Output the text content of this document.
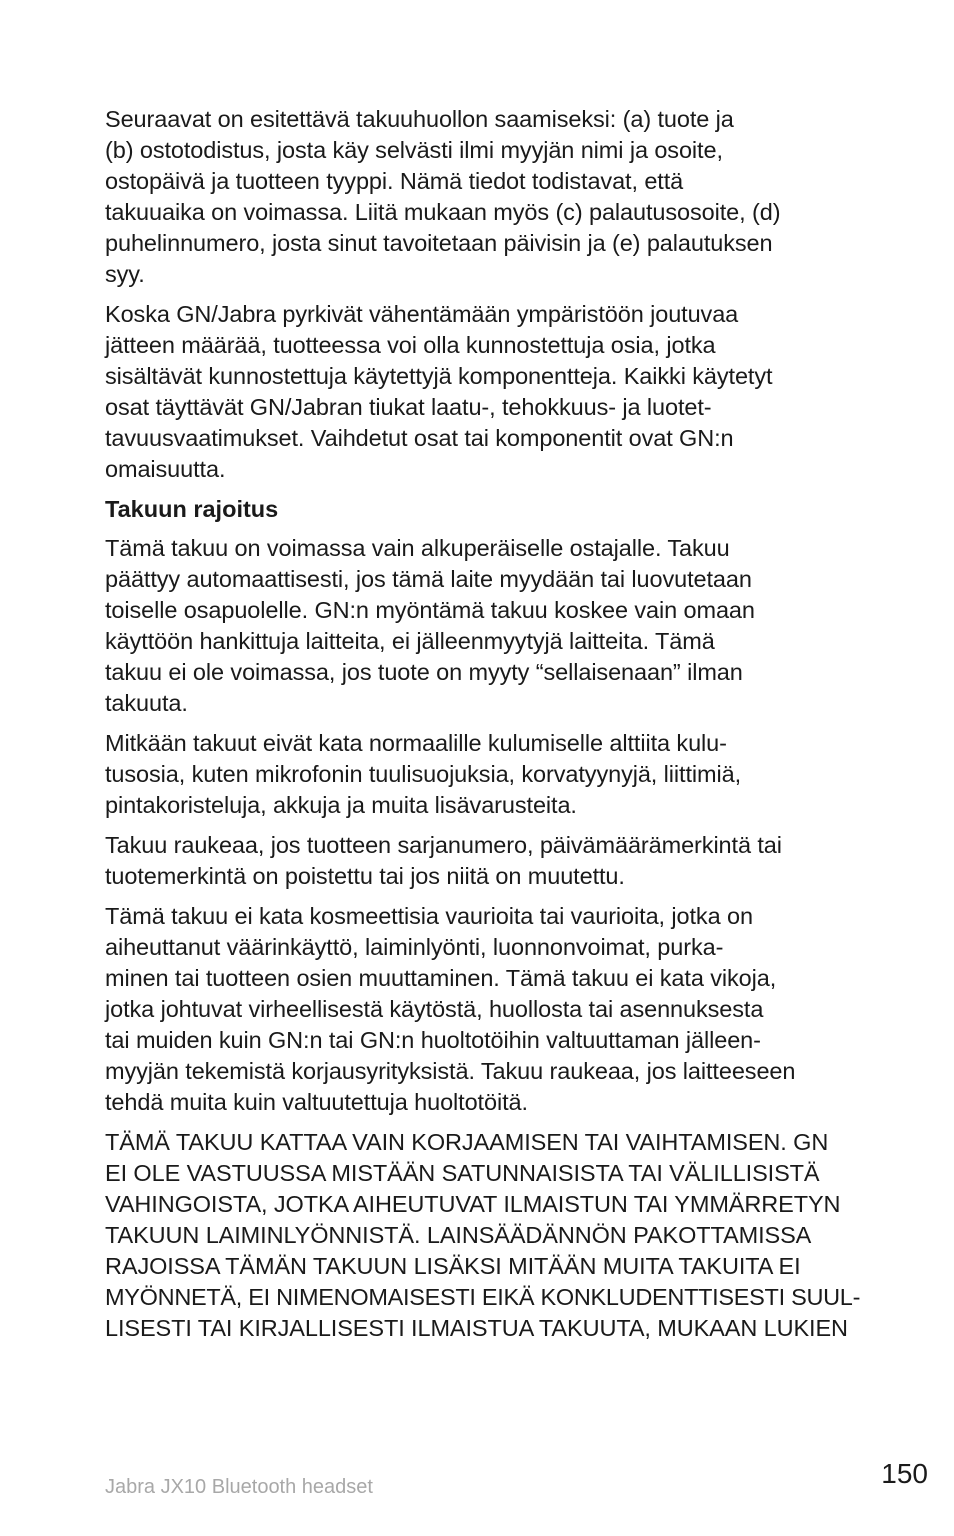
Seuraavat on esitettävä takuuhuollon saamiseksi: (a) tuote ja
(b) ostotodistus, josta käy selvästi ilmi myyjän nimi ja osoite,
ostopäivä ja tuotteen tyyppi. Nämä tiedot todistavat, että
takuuaika on voimassa. Liitä mukaan myös (c) palautusosoite, (d)
puhelinnumero, josta sinut tavoitetaan päivisin ja (e) palautuksen
syy.

Koska GN/Jabra pyrkivät vähentämään ympäristöön joutuvaa
jätteen määrää, tuotteessa voi olla kunnostettuja osia, jotka
sisältävät kunnostettuja käytettyjä komponentteja. Kaikki käytetyt
osat täyttävät GN/Jabran tiukat laatu-, tehokkuus- ja luotet-
tavuusvaatimukset. Vaihdetut osat tai komponentit ovat GN:n
omaisuutta.

Takuun rajoitus

Tämä takuu on voimassa vain alkuperäiselle ostajalle. Takuu
päättyy automaattisesti, jos tämä laite myydään tai luovutetaan
toiselle osapuolelle. GN:n myöntämä takuu koskee vain omaan
käyttöön hankittuja laitteita, ei jälleenmyytyjä laitteita. Tämä
takuu ei ole voimassa, jos tuote on myyty “sellaisenaan” ilman
takuuta.

Mitkään takuut eivät kata normaalille kulumiselle alttiita kulu-
tusosia, kuten mikrofonin tuulisuojuksia, korvatyynyjä, liittimiä,
pintakoristeluja, akkuja ja muita lisävarusteita.

Takuu raukeaa, jos tuotteen sarjanumero, päivämäärämerkintä tai
tuotemerkintä on poistettu tai jos niitä on muutettu.

Tämä takuu ei kata kosmeettisia vaurioita tai vaurioita, jotka on
aiheuttanut väärinkäyttö, laiminlyönti, luonnonvoimat, purka-
minen tai tuotteen osien muuttaminen. Tämä takuu ei kata vikoja,
jotka johtuvat virheellisestä käytöstä, huollosta tai asennuksesta
tai muiden kuin GN:n tai GN:n huoltotöihin valtuuttaman jälleen-
myyjän tekemistä korjausyrityksistä. Takuu raukeaa, jos laitteeseen
tehdä muita kuin valtuutettuja huoltotöitä.

TÄMÄ TAKUU KATTAA VAIN KORJAAMISEN TAI VAIHTAMISEN. GN
EI OLE VASTUUSSA MISTÄÄN SATUNNAISISTA TAI VÄLILLISISTÄ
VAHINGOISTA, JOTKA AIHEUTUVAT ILMAISTUN TAI YMMÄRRETYN
TAKUUN LAIMINLYÖNNISTÄ. LAINSÄÄDÄNNÖN PAKOTTAMISSA
RAJOISSA TÄMÄN TAKUUN LISÄKSI MITÄÄN MUITA TAKUITA EI
MYÖNNETÄ, EI NIMENOMAISESTI EIKÄ KONKLUDENTTISESTI SUUL-
LISESTI TAI KIRJALLISESTI ILMAISTUA TAKUUTA, MUKAAN LUKIEN

Jabra JX10 Bluetooth headset	150
